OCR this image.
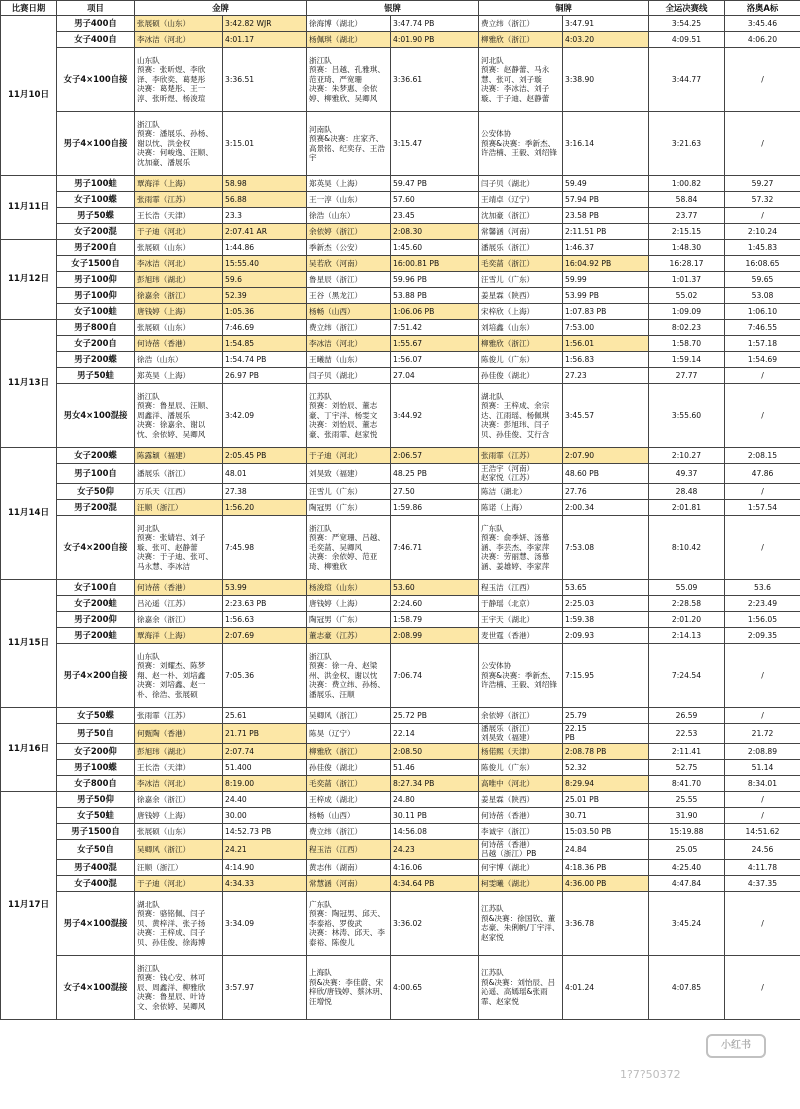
比赛日期	项目	金牌		银牌		铜牌		全运决赛线	洛奥A标
11月10日	男子400自	张展硕（山东）	3:42.82 WJR	徐海博（湖北）	3:47.74 PB	费立纬（浙江）	3:47.91	3:54.25	3:45.46
	女子400自	李冰洁（河北）	4:01.17	杨佩琪（湖北）	4:01.90 PB	柳雅欣（浙江）	4:03.20	4:09.51	4:06.20
	女子4×100自接	山东队
预赛：张昕煜、李欣泽、李欣奕、葛楚彤
决赛：葛楚彤、王一淳、张昕煜、杨浚瑄	3:36.51	浙江队
预赛：吕越、孔雅琪、范亚琦、严宽珊
决赛：朱梦惠、余依婷、柳雅欣、吴卿风	3:36.61	河北队
预赛：赵静蕾、马永慧、张可、刘子璇
决赛：李冰洁、刘子璇、于子迪、赵静蕾	3:38.90	3:44.77	/
	男子4×100自接	浙江队
预赛：潘展乐、孙杨、谢以忱、洪金权
决赛：何峻逸、汪顺、沈加豪、潘展乐	3:15.01	河南队
预赛&决赛：庄家齐、高景铭、纪奕存、王浩宇	3:15.47	公安体协
预赛&决赛：季新杰、许浩楠、王毅、刘绍锋	3:16.14	3:21.63	/
11月11日	男子100蛙	覃海洋（上海）	58.98	郑英昊（上海）	59.47 PB	闫子贝（湖北）	59.49	1:00.82	59.27
	女子100蝶	张雨霏（江苏）	56.88	王一淳（山东）	57.60	王靖卓（辽宁）	57.94 PB	58.84	57.32
	男子50蝶	王长浩（天津）	23.3	徐浩（山东）	23.45	沈加豪（浙江）	23.58 PB	23.77	/
	女子200混	于子迪（河北）	2:07.41 AR	余依婷（浙江）	2:08.30	常馨涵（河南）	2:11.51 PB	2:15.15	2:10.24
11月12日	男子200自	张展硕（山东）	1:44.86	季新杰（公安）	1:45.60	潘展乐（浙江）	1:46.37	1:48.30	1:45.83
	女子1500自	李冰洁（河北）	15:55.40	吴若欣（河南）	16:00.81 PB	毛奕菡（浙江）	16:04.92 PB	16:28.17	16:08.65
	男子100仰	彭旭玮（湖北）	59.6	鲁星辰（浙江）	59.96 PB	汪雪儿（广东）	59.99	1:01.37	59.65
	男子100仰	徐嘉余（浙江）	52.39	王谷（黑龙江）	53.88 PB	姜星霖（陕西）	53.99 PB	55.02	53.08
	女子100蛙	唐钱婷（上海）	1:05.36	杨畅（山西）	1:06.06 PB	宋梓欣（上海）	1:07.83 PB	1:09.09	1:06.10
11月13日	男子800自	张展硕（山东）	7:46.69	费立纬（浙江）	7:51.42	刘培鑫（山东）	7:53.00	8:02.23	7:46.55
	女子200自	何诗蓓（香港）	1:54.85	李冰洁（河北）	1:55.67	柳雅欣（浙江）	1:56.01	1:58.70	1:57.18
	男子200蝶	徐浩（山东）	1:54.74 PB	王曦喆（山东）	1:56.07	陈俊儿（广东）	1:56.83	1:59.14	1:54.69
	男子50蛙	郑英昊（上海）	26.97 PB	闫子贝（湖北）	27.04	孙佳俊（湖北）	27.23	27.77	/
	男女4×100混接	浙江队
预赛：鲁星辰、汪顺、周鑫洋、潘展乐
决赛：徐嘉余、谢以忱、余依婷、吴卿风	3:42.09	江苏队
预赛：刘怡辰、董志豪、丁宇洋、杨雯文
决赛：刘怡辰、董志豪、张雨霏、赵家悦	3:44.92	湖北队
预赛：王梓成、余宗达、江雨瑶、杨佩琪
决赛：彭旭玮、闫子贝、孙佳俊、艾行含	3:45.57	3:55.60	/
11月14日	女子200蝶	陈露颖（福建）	2:05.45 PB	于子迪（河北）	2:06.57	张雨霏（江苏）	2:07.90	2:10.27	2:08.15
	男子100自	潘展乐（浙江）	48.01	刘昊致（福建）	48.25 PB	王浩宇（河南）
赵家悦（江苏）	48.60 PB	49.37	47.86
	女子50仰	万乐天（江西）	27.38	汪雪儿（广东）	27.50	陈洁（湖北）	27.76	28.48	/
	男子200混	汪顺（浙江）	1:56.20	陶冠男（广东）	1:59.86	陈诺（上海）	2:00.34	2:01.81	1:57.54
	女子4×200自接	河北队
预赛：张婧岩、刘子璇、张可、赵静蕾
决赛：于子迪、张可、马永慧、李冰洁	7:45.98	浙江队
预赛：严宽珊、吕越、毛奕菡、吴卿风
决赛：余依婷、范亚琦、柳雅欣	7:46.71	广东队
预赛：俞季妍、汤慕涵、李芸杰、李家萍
决赛：劳丽慧、汤慕涵、姜雄婷、李家萍	7:53.08	8:10.42	/
11月15日	女子100自	何诗蓓（香港）	53.99	杨浚瑄（山东）	53.60	程玉洁（江西）	53.65	55.09	53.6
	女子200蛙	吕沁遥（江苏）	2:23.63 PB	唐钱婷（上海）	2:24.60	于静瑶（北京）	2:25.03	2:28.58	2:23.49
	男子200仰	徐嘉余（浙江）	1:56.63	陶冠男（广东）	1:58.79	王宇天（湖北）	1:59.38	2:01.20	1:56.05
	男子200蛙	覃海洋（上海）	2:07.69	董志豪（江苏）	2:08.99	麦世霆（香港）	2:09.93	2:14.13	2:09.35
	男子4×200自接	山东队
预赛：刘耀杰、陈梦翔、赵一朴、刘培鑫
决赛：刘培鑫、赵一朴、徐浩、张展硕	7:05.36	浙江队
预赛：徐一舟、赵梁州、洪金权、谢以忱
决赛：费立纬、孙杨、潘展乐、汪顺	7:06.74	公安体协
预赛&决赛：季新杰、许浩楠、王毅、刘绍锋	7:15.95	7:24.54	/
11月16日	女子50蝶	张雨霏（江苏）	25.61	吴卿风（浙江）	25.72 PB	余依婷（浙江）	25.79	26.59	/
	男子50自	何甄陶（香港）	21.71 PB	陈昊（辽宁）	22.14	潘展乐（浙江）
刘昊致（福建）	22.15
PB	22.53	21.72
	女子200仰	彭旭玮（湖北）	2:07.74	柳雅欣（浙江）	2:08.50	杨偌熙（天津）	2:08.78 PB	2:11.41	2:08.89
	男子100蝶	王长浩（天津）	51.400	孙佳俊（湖北）	51.46	陈俊儿（广东）	52.32	52.75	51.14
	女子800自	李冰洁（河北）	8:19.00	毛奕菡（浙江）	8:27.34 PB	高唯中（河北）	8:29.94	8:41.70	8:34.01
11月17日	男子50仰	徐嘉余（浙江）	24.40	王梓成（湖北）	24.80	姜星霖（陕西）	25.01 PB	25.55	/
	女子50蛙	唐钱婷（上海）	30.00	杨畅（山西）	30.11 PB	何诗蓓（香港）	30.71	31.90	/
	男子1500自	张展硕（山东）	14:52.73 PB	费立纬（浙江）	14:56.08	李诚宇（浙江）	15:03.50 PB	15:19.88	14:51.62
	女子50自	吴卿风（浙江）	24.21	程玉洁（江西）	24.23	何诗蓓（香港）
吕越（浙江）PB	24.84	25.05	24.56
	男子400混	汪顺（浙江）	4:14.90	黄志伟（湖南）	4:16.06	何宇博（湖北）	4:18.36 PB	4:25.40	4:11.78
	女子400混	于子迪（河北）	4:34.33	常慧涵（河南）	4:34.64 PB	柯雯曦（湖北）	4:36.00 PB	4:47.84	4:37.35
	男子4×100混接	湖北队
预赛：骆铭佩、闫子贝、黄梓洋、张子扬
决赛：王梓成、闫子贝、孙佳俊、徐海博	3:34.09	广东队
预赛：陶冠男、邱天、李泰裕、罗俊武
决赛：林涛、邱天、李泰裕、陈俊儿	3:36.02	江苏队
预&决赛：徐国钦、董志豪、朱俐帆/丁宇洋、赵家悦	3:36.78	3:45.24	/
	女子4×100混接	浙江队
预赛：钱心安、林可辰、周鑫洋、柳雅欣
决赛：鲁星辰、叶诗文、余依婷、吴卿风	3:57.97	上海队
预&决赛：李佳蔚、宋梓欣/唐钱婷、蔡沐玥、汪增悦	4:00.65	江苏队
预&决赛：刘怡辰、吕沁遥、高嫣瑶&张雨霏、赵家悦	4:01.24	4:07.85	/
小红书
1?7?50372
